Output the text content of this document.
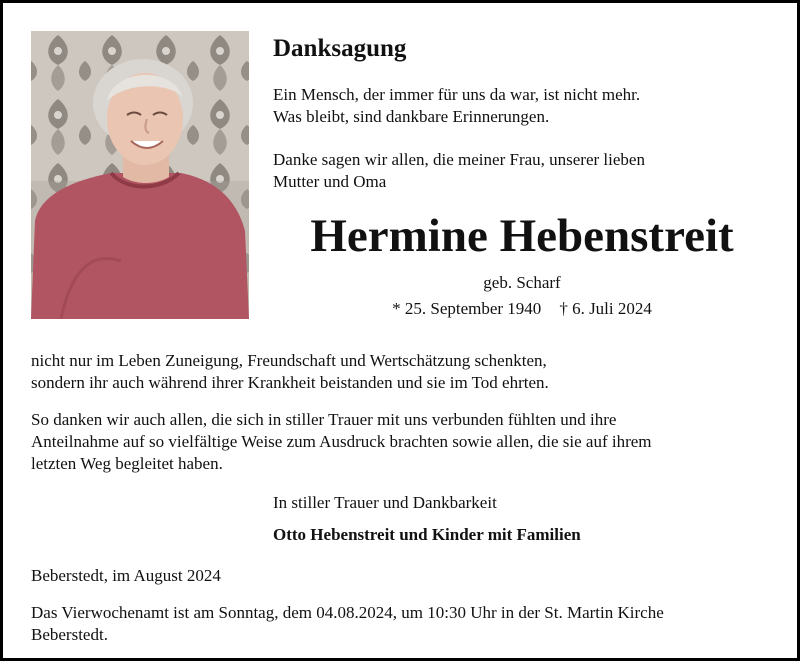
Danksagung

Ein Mensch, der immer für uns da war, ist nicht mehr.

Was bleibt, sind dankbare Erinnerungen.

Danke sagen wir allen, die meiner Frau, unserer lieben

Mutter und Oma

Hermine Hebenstreit
geb. Scharf
* 25. September 1940 † 6. Juli 2024

nicht nur im Leben Zuneigung, Freundschaft und Wertschätzung schenkten,

sondern ihr auch während ihrer Krankheit beistanden und sie im Tod ehrten.

So danken wir auch allen, die sich in stiller Trauer mit uns verbunden fühlten und ihre

Anteilnahme auf so vielfältige Weise zum Ausdruck brachten sowie allen, die sie auf ihrem

letzten Weg begleitet haben.

In stiller Trauer und Dankbarkeit

Otto Hebenstreit und Kinder mit Familien

Beberstedt, im August 2024

Das Vierwochenamt ist am Sonntag, dem 04.08.2024, um 10:30 Uhr in der St. Martin Kirche

Beberstedt.
